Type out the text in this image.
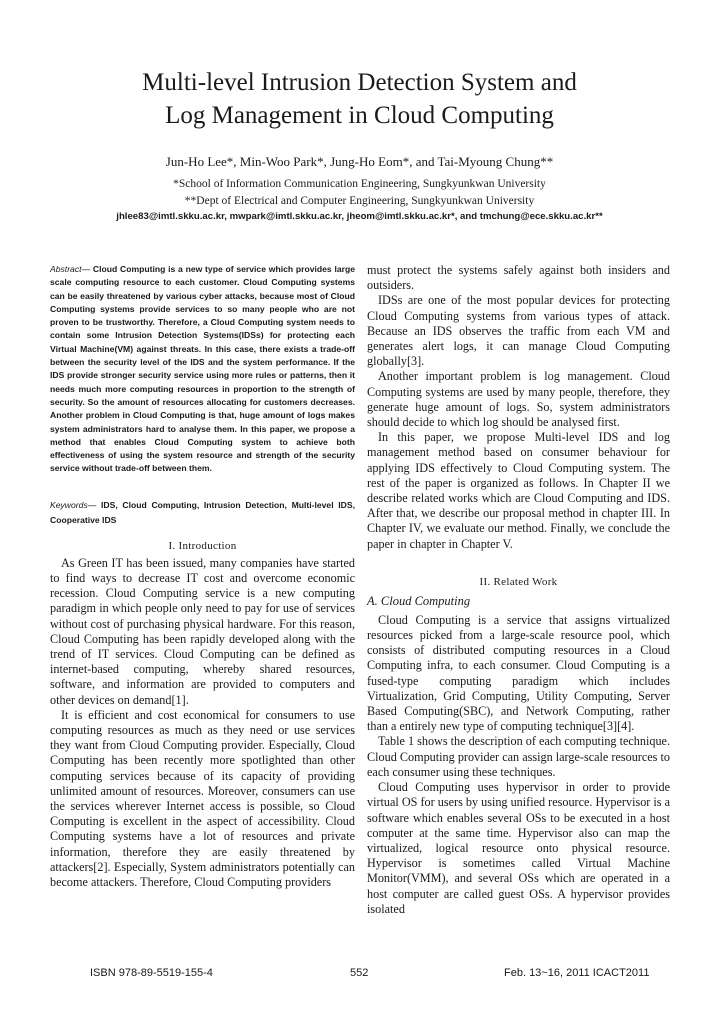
Multi-level Intrusion Detection System and
Log Management in Cloud Computing
Jun-Ho Lee*, Min-Woo Park*, Jung-Ho Eom*, and Tai-Myoung Chung**
*School of Information Communication Engineering, Sungkyunkwan University
**Dept of Electrical and Computer Engineering, Sungkyunkwan University
jhlee83@imtl.skku.ac.kr, mwpark@imtl.skku.ac.kr, jheom@imtl.skku.ac.kr*, and tmchung@ece.skku.ac.kr**

Abstract— Cloud Computing is a new type of service which provides large scale computing resource to each customer. Cloud Computing systems can be easily threatened by various cyber attacks, because most of Cloud Computing systems provide services to so many people who are not proven to be trustworthy. Therefore, a Cloud Computing system needs to contain some Intrusion Detection Systems(IDSs) for protecting each Virtual Machine(VM) against threats. In this case, there exists a trade-off between the security level of the IDS and the system performance. If the IDS provide stronger security service using more rules or patterns, then it needs much more computing resources in proportion to the strength of security. So the amount of resources allocating for customers decreases. Another problem in Cloud Computing is that, huge amount of logs makes system administrators hard to analyse them. In this paper, we propose a method that enables Cloud Computing system to achieve both effectiveness of using the system resource and strength of the security service without trade-off between them.

Keywords— IDS, Cloud Computing, Intrusion Detection, Multi-level IDS, Cooperative IDS

I. Introduction

As Green IT has been issued, many companies have started to find ways to decrease IT cost and overcome economic recession. Cloud Computing service is a new computing paradigm in which people only need to pay for use of services without cost of purchasing physical hardware. For this reason, Cloud Computing has been rapidly developed along with the trend of IT services. Cloud Computing can be defined as internet-based computing, whereby shared resources, software, and information are provided to computers and other devices on demand[1].

It is efficient and cost economical for consumers to use computing resources as much as they need or use services they want from Cloud Computing provider. Especially, Cloud Computing has been recently more spotlighted than other computing services because of its capacity of providing unlimited amount of resources. Moreover, consumers can use the services wherever Internet access is possible, so Cloud Computing is excellent in the aspect of accessibility. Cloud Computing systems have a lot of resources and private information, therefore they are easily threatened by attackers[2]. Especially, System administrators potentially can become attackers. Therefore, Cloud Computing providers

must protect the systems safely against both insiders and outsiders.

IDSs are one of the most popular devices for protecting Cloud Computing systems from various types of attack. Because an IDS observes the traffic from each VM and generates alert logs, it can manage Cloud Computing globally[3].

Another important problem is log management. Cloud Computing systems are used by many people, therefore, they generate huge amount of logs. So, system administrators should decide to which log should be analysed first.

In this paper, we propose Multi-level IDS and log management method based on consumer behaviour for applying IDS effectively to Cloud Computing system. The rest of the paper is organized as follows. In Chapter II we describe related works which are Cloud Computing and IDS. After that, we describe our proposal method in chapter III. In Chapter IV, we evaluate our method. Finally, we conclude the paper in chapter in Chapter V.

II. Related Work
A. Cloud Computing

Cloud Computing is a service that assigns virtualized resources picked from a large-scale resource pool, which consists of distributed computing resources in a Cloud Computing infra, to each consumer. Cloud Computing is a fused-type computing paradigm which includes Virtualization, Grid Computing, Utility Computing, Server Based Computing(SBC), and Network Computing, rather than a entirely new type of computing technique[3][4].

Table 1 shows the description of each computing technique. Cloud Computing provider can assign large-scale resources to each consumer using these techniques.

Cloud Computing uses hypervisor in order to provide virtual OS for users by using unified resource. Hypervisor is a software which enables several OSs to be executed in a host computer at the same time. Hypervisor also can map the virtualized, logical resource onto physical resource. Hypervisor is sometimes called Virtual Machine Monitor(VMM), and several OSs which are operated in a host computer are called guest OSs. A hypervisor provides isolated

ISBN 978-89-5519-155-4	552	Feb. 13~16, 2011 ICACT2011
